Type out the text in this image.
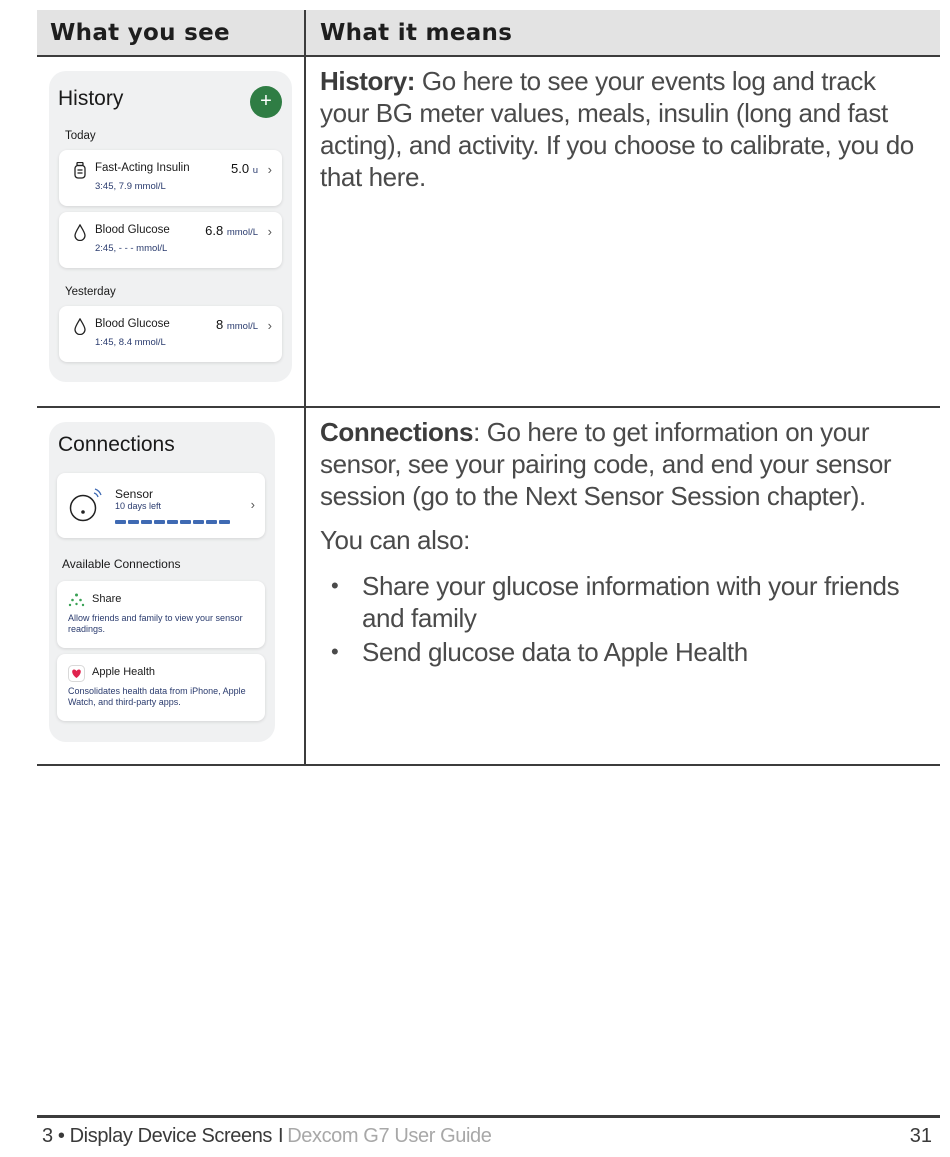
What you see	What it means
History	+
Today
Fast-Acting Insulin
3:45, 7.9 mmol/L
5.0 u ›
Blood Glucose
2:45, - - - mmol/L
6.8 mmol/L ›
Yesterday
Blood Glucose
1:45, 8.4 mmol/L
8 mmol/L ›

History: Go here to see your events log and track your BG meter values, meals, insulin (long and fast acting), and activity. If you choose to calibrate, you do that here.

Connections
Sensor
10 days left	›
Available Connections
Share
Allow friends and family to view your sensor readings.
Apple Health
Consolidates health data from iPhone, Apple Watch, and third-party apps.

Connections: Go here to get information on your sensor, see your pairing code, and end your sensor session (go to the Next Sensor Session chapter).

You can also:

• Share your glucose information with your friends and family
• Send glucose data to Apple Health
3 • Display Device Screens I Dexcom G7 User Guide	31
